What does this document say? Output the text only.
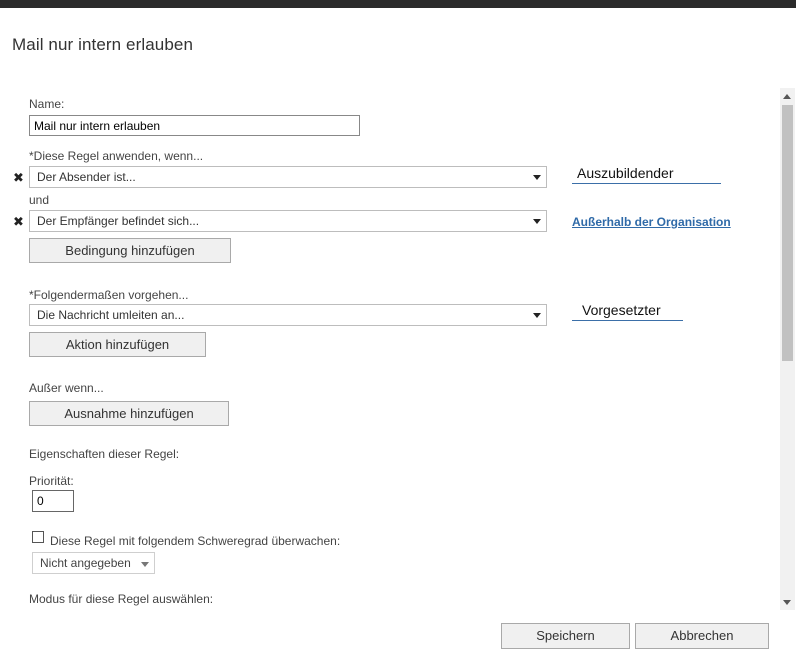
Mail nur intern erlauben
Name:
Mail nur intern erlauben
*Diese Regel anwenden, wenn...
✖	Der Absender ist...	Auszubildender
und
✖	Der Empfänger befindet sich...	Außerhalb der Organisation
Bedingung hinzufügen
*Folgendermaßen vorgehen...
Die Nachricht umleiten an...	Vorgesetzter
Aktion hinzufügen
Außer wenn...
Ausnahme hinzufügen
Eigenschaften dieser Regel:
Priorität:
0
Diese Regel mit folgendem Schweregrad überwachen:
Nicht angegeben
Modus für diese Regel auswählen:
Speichern	Abbrechen
